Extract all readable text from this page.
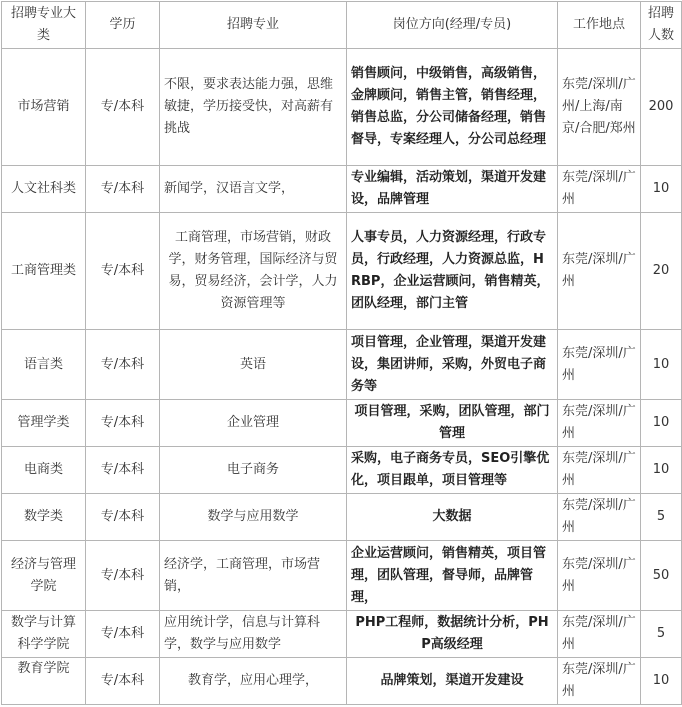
招聘专业大类	学历	招聘专业	岗位方向(经理/专员)	工作地点	招聘人数
市场营销	专/本科	不限，要求表达能力强，思维敏捷，学历接受快，对高薪有挑战	销售顾问，中级销售，高级销售，金牌顾问，销售主管，销售经理，销售总监，分公司储备经理，销售督导，专案经理人，分公司总经理	东莞/深圳/广州/上海/南京/合肥/郑州	200
人文社科类	专/本科	新闻学，汉语言文学，	专业编辑，活动策划，渠道开发建设，品牌管理	东莞/深圳/广州	10
工商管理类	专/本科	工商管理，市场营销，财政学，财务管理，国际经济与贸易，贸易经济，会计学，人力资源管理等	人事专员，人力资源经理，行政专员，行政经理，人力资源总监，HRBP，企业运营顾问，销售精英，团队经理，部门主管	东莞/深圳/广州	20
语言类	专/本科	英语	项目管理，企业管理，渠道开发建设，集团讲师，采购，外贸电子商务等	东莞/深圳/广州	10
管理学类	专/本科	企业管理	项目管理，采购，团队管理，部门管理	东莞/深圳/广州	10
电商类	专/本科	电子商务	采购，电子商务专员，SEO引擎优化，项目跟单，项目管理等	东莞/深圳/广州	10
数学类	专/本科	数学与应用数学	大数据	东莞/深圳/广州	5
经济与管理学院	专/本科	经济学，工商管理，市场营销，	企业运营顾问，销售精英，项目管理，团队管理，督导师，品牌管理，	东莞/深圳/广州	50
数学与计算科学学院	专/本科	应用统计学，信息与计算科学，数学与应用数学	PHP工程师，数据统计分析，PHP高级经理	东莞/深圳/广州	5
教育学院	专/本科	教育学，应用心理学，	品牌策划，渠道开发建设	东莞/深圳/广州	10
